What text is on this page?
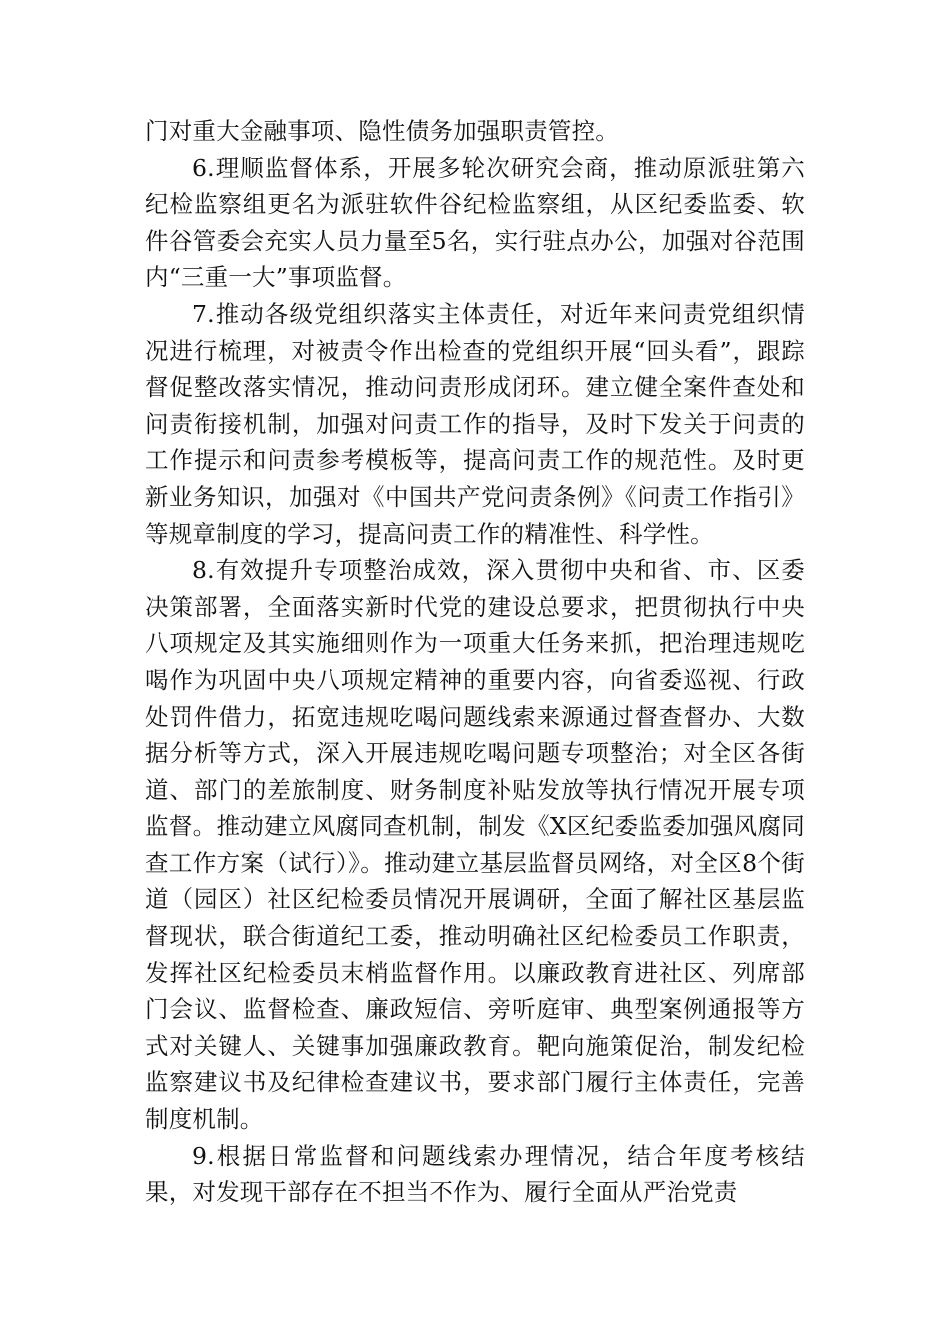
门对重大金融事项、隐性债务加强职责管控。

6.理顺监督体系，开展多轮次研究会商，推动原派驻第六纪检监察组更名为派驻软件谷纪检监察组，从区纪委监委、软件谷管委会充实人员力量至5名，实行驻点办公，加强对谷范围内“三重一大”事项监督。

7.推动各级党组织落实主体责任，对近年来问责党组织情况进行梳理，对被责令作出检查的党组织开展“回头看”，跟踪督促整改落实情况，推动问责形成闭环。建立健全案件查处和问责衔接机制，加强对问责工作的指导，及时下发关于问责的工作提示和问责参考模板等，提高问责工作的规范性。及时更新业务知识，加强对《中国共产党问责条例》《问责工作指引》等规章制度的学习，提高问责工作的精准性、科学性。

8.有效提升专项整治成效，深入贯彻中央和省、市、区委决策部署，全面落实新时代党的建设总要求，把贯彻执行中央八项规定及其实施细则作为一项重大任务来抓，把治理违规吃喝作为巩固中央八项规定精神的重要内容，向省委巡视、行政处罚件借力，拓宽违规吃喝问题线索来源通过督查督办、大数据分析等方式，深入开展违规吃喝问题专项整治；对全区各街道、部门的差旅制度、财务制度补贴发放等执行情况开展专项监督。推动建立风腐同查机制，制发《X区纪委监委加强风腐同查工作方案（试行）》。推动建立基层监督员网络，对全区8个街道（园区）社区纪检委员情况开展调研，全面了解社区基层监督现状，联合街道纪工委，推动明确社区纪检委员工作职责，发挥社区纪检委员末梢监督作用。以廉政教育进社区、列席部门会议、监督检查、廉政短信、旁听庭审、典型案例通报等方式对关键人、关键事加强廉政教育。靶向施策促治，制发纪检监察建议书及纪律检查建议书，要求部门履行主体责任，完善制度机制。

9.根据日常监督和问题线索办理情况，结合年度考核结果，对发现干部存在不担当不作为、履行全面从严治党责
